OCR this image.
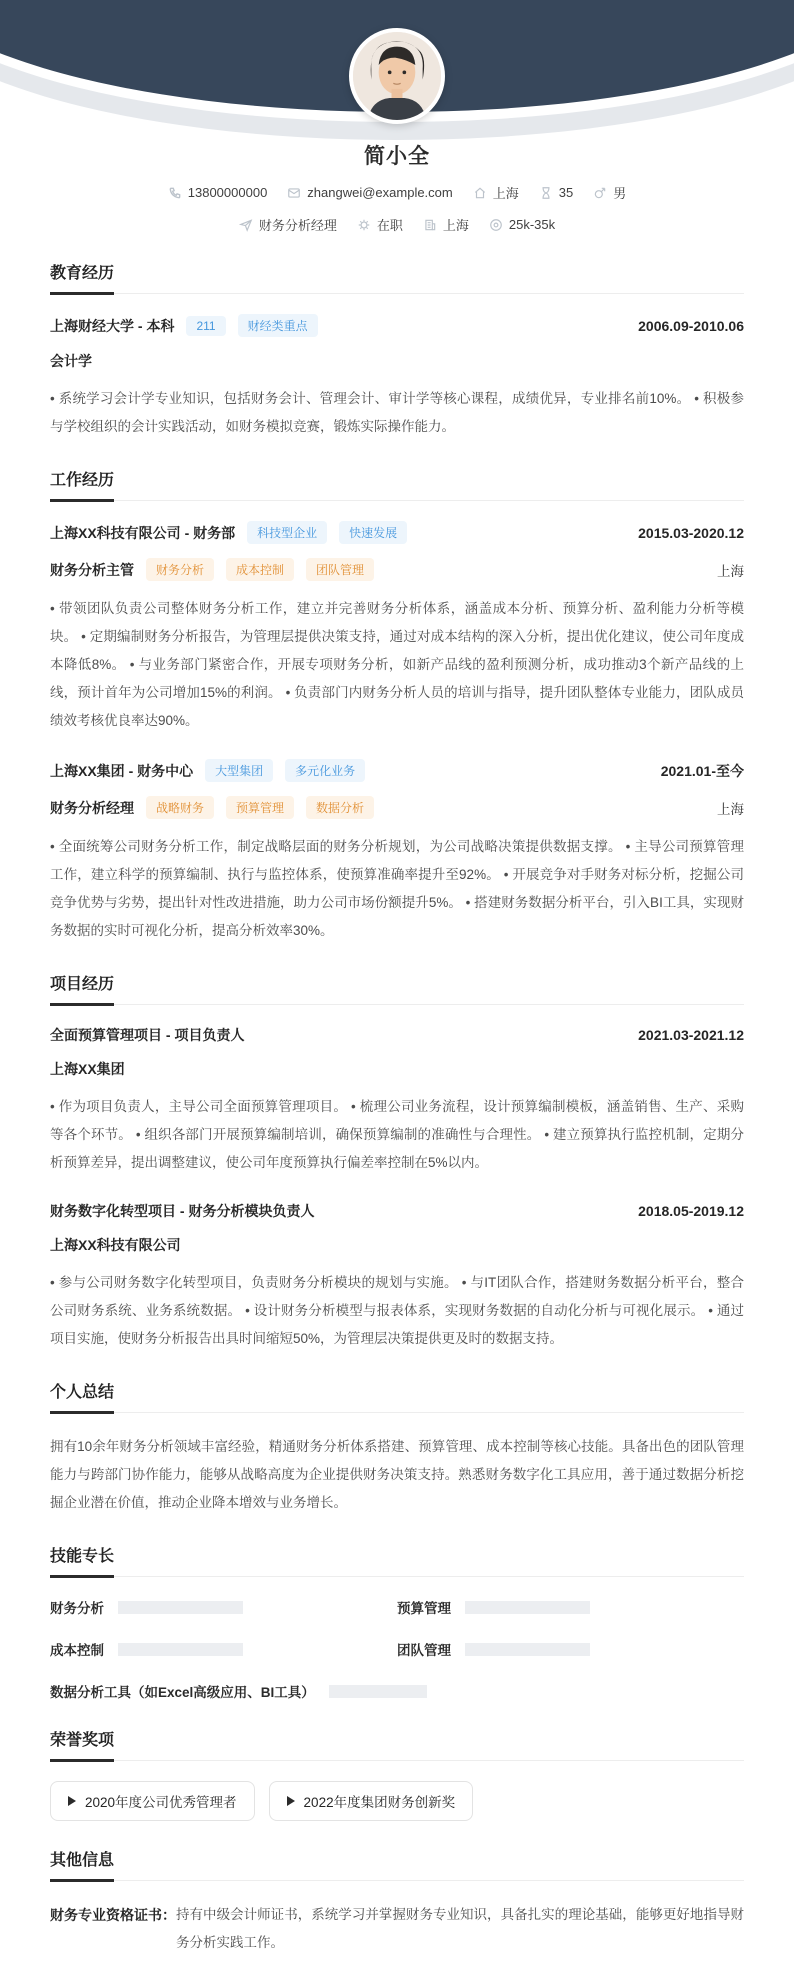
简小全
13800000000	zhangwei@example.com	上海	35	男
财务分析经理	在职	上海	25k-35k
教育经历
上海财经大学 - 本科	211	财经类重点	2006.09-2010.06
会计学
• 系统学习会计学专业知识，包括财务会计、管理会计、审计学等核心课程，成绩优异，专业排名前10%。 • 积极参与学校组织的会计实践活动，如财务模拟竞赛，锻炼实际操作能力。
工作经历
上海XX科技有限公司 - 财务部	科技型企业	快速发展	2015.03-2020.12
财务分析主管	财务分析	成本控制	团队管理	上海
• 带领团队负责公司整体财务分析工作，建立并完善财务分析体系，涵盖成本分析、预算分析、盈利能力分析等模块。 • 定期编制财务分析报告，为管理层提供决策支持，通过对成本结构的深入分析，提出优化建议，使公司年度成本降低8%。 • 与业务部门紧密合作，开展专项财务分析，如新产品线的盈利预测分析，成功推动3个新产品线的上线，预计首年为公司增加15%的利润。 • 负责部门内财务分析人员的培训与指导，提升团队整体专业能力，团队成员绩效考核优良率达90%。
上海XX集团 - 财务中心	大型集团	多元化业务	2021.01-至今
财务分析经理	战略财务	预算管理	数据分析	上海
• 全面统筹公司财务分析工作，制定战略层面的财务分析规划，为公司战略决策提供数据支撑。 • 主导公司预算管理工作，建立科学的预算编制、执行与监控体系，使预算准确率提升至92%。 • 开展竞争对手财务对标分析，挖掘公司竞争优势与劣势，提出针对性改进措施，助力公司市场份额提升5%。 • 搭建财务数据分析平台，引入BI工具，实现财务数据的实时可视化分析，提高分析效率30%。
项目经历
全面预算管理项目 - 项目负责人	2021.03-2021.12
上海XX集团
• 作为项目负责人，主导公司全面预算管理项目。 • 梳理公司业务流程，设计预算编制模板，涵盖销售、生产、采购等各个环节。 • 组织各部门开展预算编制培训，确保预算编制的准确性与合理性。 • 建立预算执行监控机制，定期分析预算差异，提出调整建议，使公司年度预算执行偏差率控制在5%以内。
财务数字化转型项目 - 财务分析模块负责人	2018.05-2019.12
上海XX科技有限公司
• 参与公司财务数字化转型项目，负责财务分析模块的规划与实施。 • 与IT团队合作，搭建财务数据分析平台，整合公司财务系统、业务系统数据。 • 设计财务分析模型与报表体系，实现财务数据的自动化分析与可视化展示。 • 通过项目实施，使财务分析报告出具时间缩短50%，为管理层决策提供更及时的数据支持。
个人总结
拥有10余年财务分析领域丰富经验，精通财务分析体系搭建、预算管理、成本控制等核心技能。具备出色的团队管理能力与跨部门协作能力，能够从战略高度为企业提供财务决策支持。熟悉财务数字化工具应用，善于通过数据分析挖掘企业潜在价值，推动企业降本增效与业务增长。
技能专长
财务分析	预算管理
成本控制	团队管理
数据分析工具（如Excel高级应用、BI工具）
荣誉奖项
2020年度公司优秀管理者	2022年度集团财务创新奖
其他信息
财务专业资格证书： 持有中级会计师证书，系统学习并掌握财务专业知识，具备扎实的理论基础，能够更好地指导财务分析实践工作。
